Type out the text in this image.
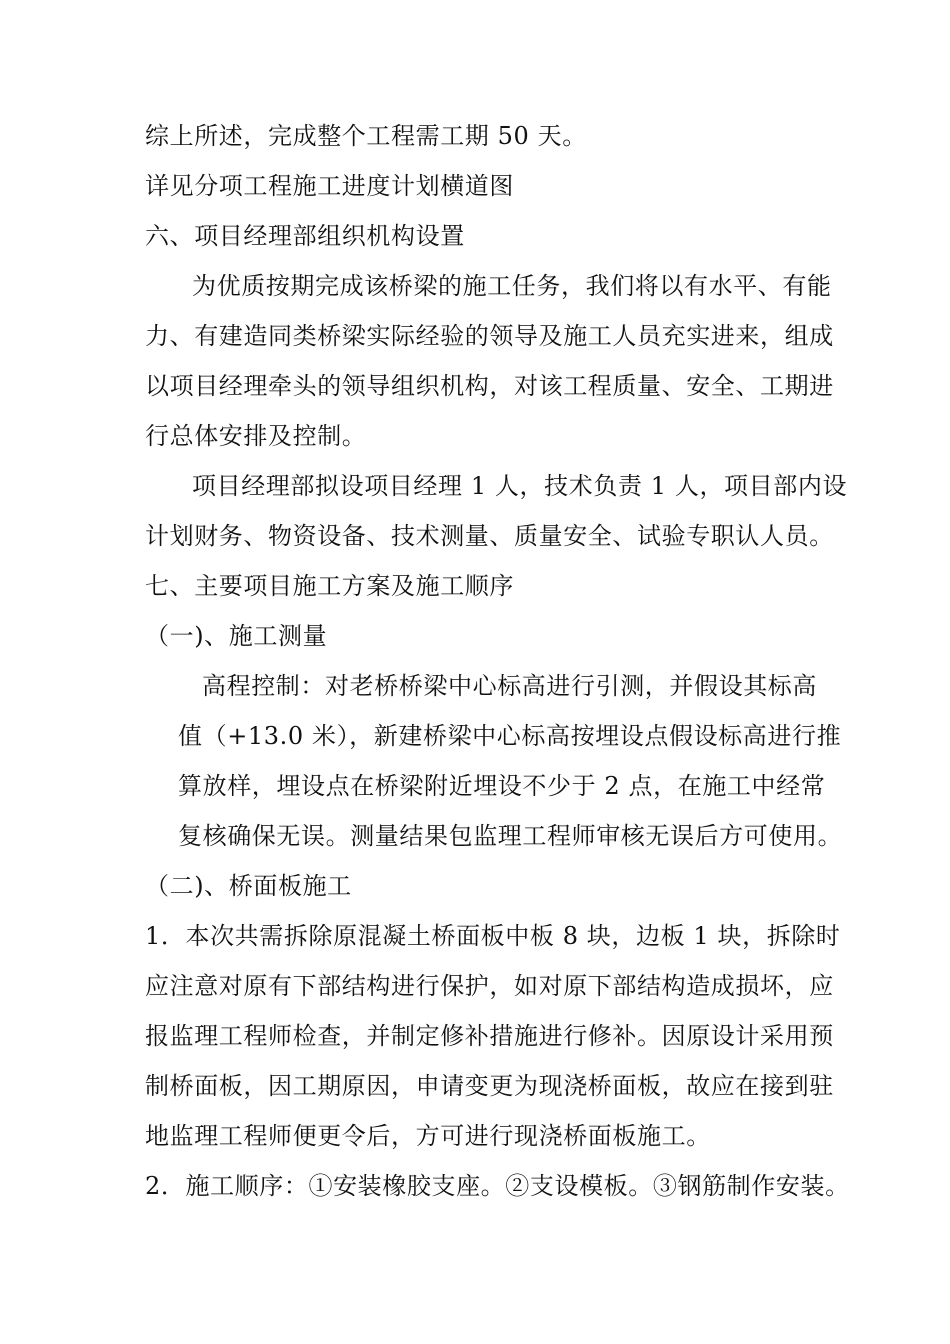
综上所述，完成整个工程需工期 50 天。
详见分项工程施工进度计划横道图
六、项目经理部组织机构设置
为优质按期完成该桥梁的施工任务，我们将以有水平、有能
力、有建造同类桥梁实际经验的领导及施工人员充实进来，组成
以项目经理牵头的领导组织机构，对该工程质量、安全、工期进
行总体安排及控制。
项目经理部拟设项目经理 1 人，技术负责 1 人，项目部内设
计划财务、物资设备、技术测量、质量安全、试验专职认人员。
七、主要项目施工方案及施工顺序
（一)、施工测量
高程控制：对老桥桥梁中心标高进行引测，并假设其标高
值（+13.0 米），新建桥梁中心标高按埋设点假设标高进行推
算放样，埋设点在桥梁附近埋设不少于 2 点，在施工中经常
复核确保无误。测量结果包监理工程师审核无误后方可使用。
（二)、桥面板施工
1．本次共需拆除原混凝土桥面板中板 8 块，边板 1 块，拆除时
应注意对原有下部结构进行保护，如对原下部结构造成损坏，应
报监理工程师检查，并制定修补措施进行修补。因原设计采用预
制桥面板，因工期原因，申请变更为现浇桥面板，故应在接到驻
地监理工程师便更令后，方可进行现浇桥面板施工。
2．施工顺序：①安装橡胶支座。②支设模板。③钢筋制作安装。
